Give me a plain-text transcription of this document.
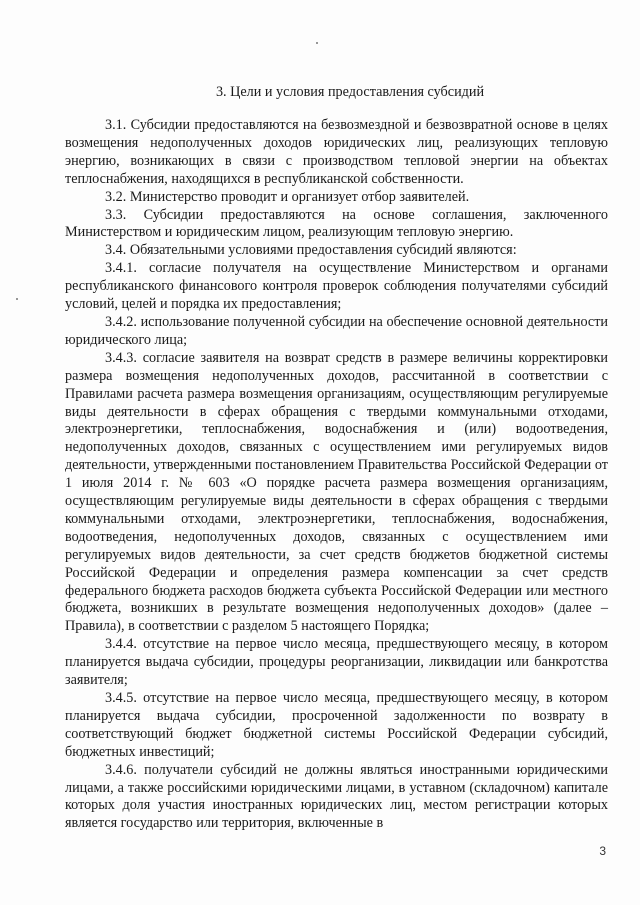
3. Цели и условия предоставления субсидий

3.1. Субсидии предоставляются на безвозмездной и безвозвратной основе в целях возмещения недополученных доходов юридических лиц, реализующих тепловую энергию, возникающих в связи с производством тепловой энергии на объектах теплоснабжения, находящихся в республиканской собственности.

3.2. Министерство проводит и организует отбор заявителей.

3.3. Субсидии предоставляются на основе соглашения, заключенного Министерством и юридическим лицом, реализующим тепловую энергию.

3.4. Обязательными условиями предоставления субсидий являются:

3.4.1. согласие получателя на осуществление Министерством и органами республиканского финансового контроля проверок соблюдения получателями субсидий условий, целей и порядка их предоставления;

3.4.2. использование полученной субсидии на обеспечение основной деятельности юридического лица;

3.4.3. согласие заявителя на возврат средств в размере величины корректировки размера возмещения недополученных доходов, рассчитанной в соответствии с Правилами расчета размера возмещения организациям, осуществляющим регулируемые виды деятельности в сферах обращения с твердыми коммунальными отходами, электроэнергетики, теплоснабжения, водоснабжения и (или) водоотведения, недополученных доходов, связанных с осуществлением ими регулируемых видов деятельности, утвержденными постановлением Правительства Российской Федерации от 1 июля 2014 г. № 603 «О порядке расчета размера возмещения организациям, осуществляющим регулируемые виды деятельности в сферах обращения с твердыми коммунальными отходами, электроэнергетики, теплоснабжения, водоснабжения, водоотведения, недополученных доходов, связанных с осуществлением ими регулируемых видов деятельности, за счет средств бюджетов бюджетной системы Российской Федерации и определения размера компенсации за счет средств федерального бюджета расходов бюджета субъекта Российской Федерации или местного бюджета, возникших в результате возмещения недополученных доходов» (далее – Правила), в соответствии с разделом 5 настоящего Порядка;

3.4.4. отсутствие на первое число месяца, предшествующего месяцу, в котором планируется выдача субсидии, процедуры реорганизации, ликвидации или банкротства заявителя;

3.4.5. отсутствие на первое число месяца, предшествующего месяцу, в котором планируется выдача субсидии, просроченной задолженности по возврату в соответствующий бюджет бюджетной системы Российской Федерации субсидий, бюджетных инвестиций;

3.4.6. получатели субсидий не должны являться иностранными юридическими лицами, а также российскими юридическими лицами, в уставном (складочном) капитале которых доля участия иностранных юридических лиц, местом регистрации которых является государство или территория, включенные в

3
